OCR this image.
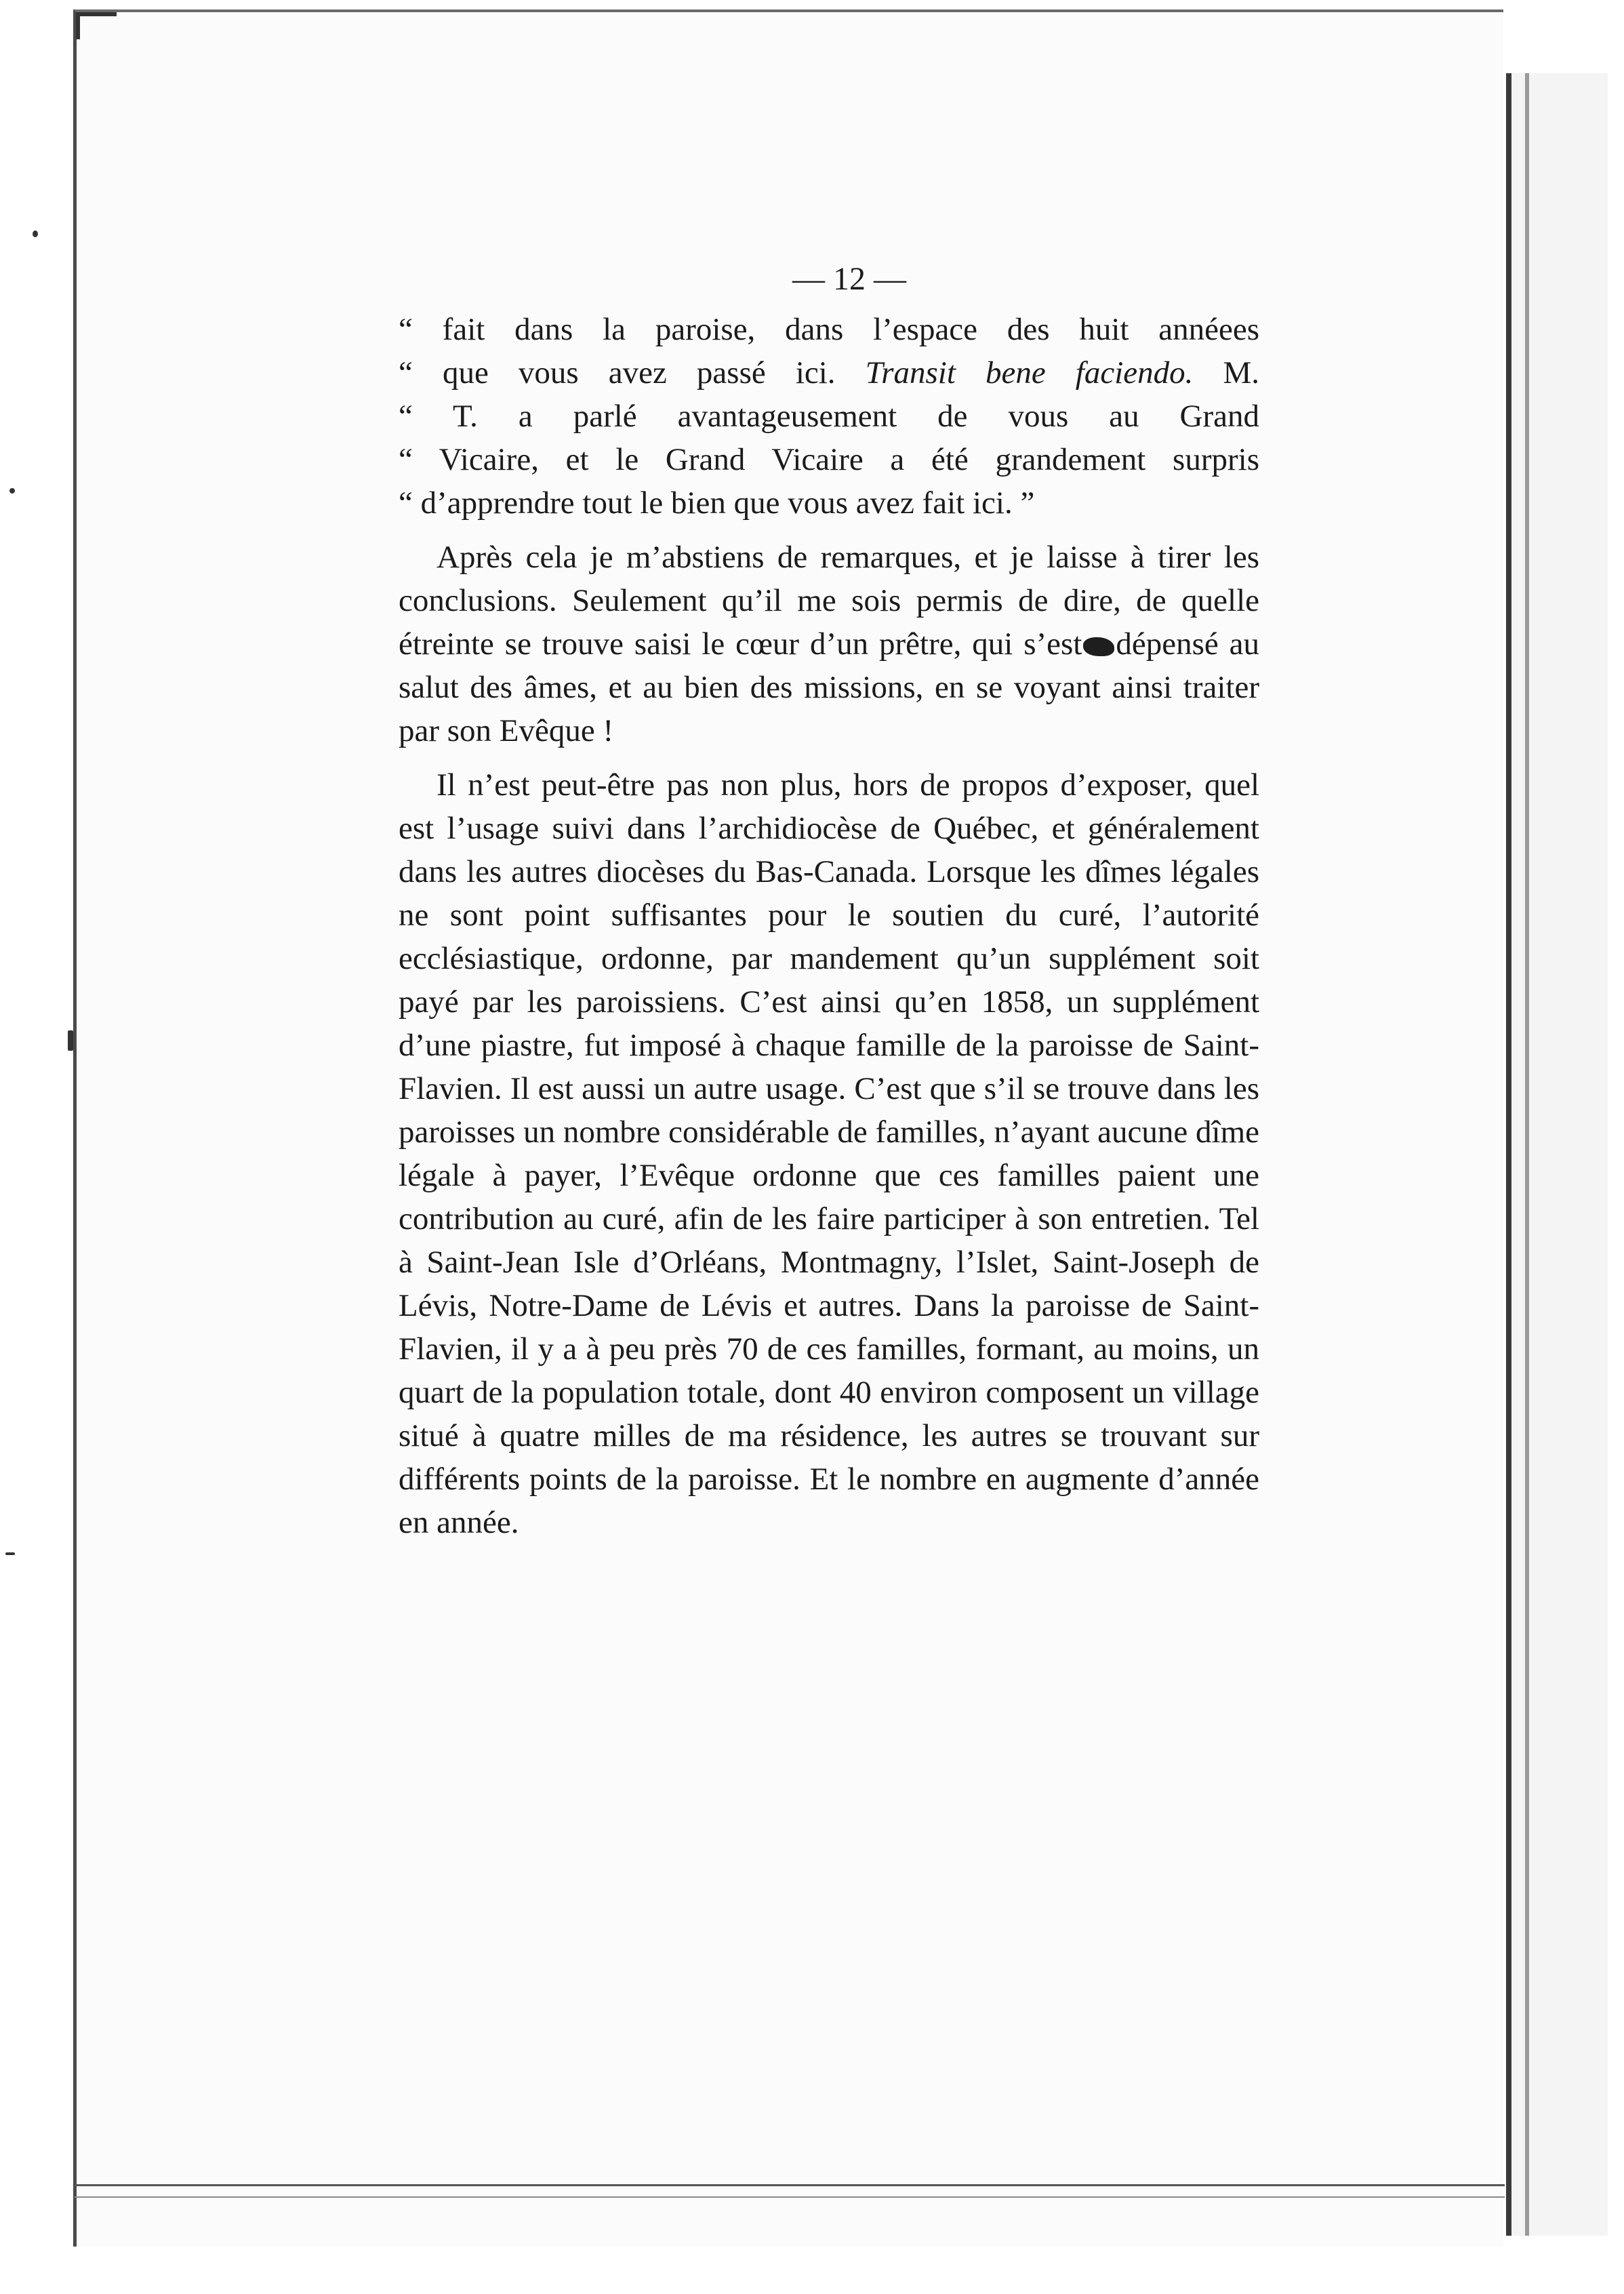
— 12 —

“ fait dans la paroise, dans l’espace des huit annéees

“ que vous avez passé ici. Transit bene faciendo. M.

“ T. a parlé avantageusement de vous au Grand

“ Vicaire, et le Grand Vicaire a été grandement surpris

“ d’apprendre tout le bien que vous avez fait ici. ”

Après cela je m’abstiens de remarques, et je laisse à tirer les conclusions. Seulement qu’il me sois permis de dire, de quelle étreinte se trouve saisi le cœur d’un prêtre, qui s’est dépensé au salut des âmes, et au bien des missions, en se voyant ainsi traiter par son Evêque !

Il n’est peut-être pas non plus, hors de propos d’exposer, quel est l’usage suivi dans l’archidiocèse de Québec, et généralement dans les autres diocèses du Bas-Canada. Lorsque les dîmes légales ne sont point suffisantes pour le soutien du curé, l’autorité ecclésiastique, ordonne, par mandement qu’un supplément soit payé par les paroissiens. C’est ainsi qu’en 1858, un supplément d’une piastre, fut imposé à chaque famille de la paroisse de Saint-Flavien. Il est aussi un autre usage. C’est que s’il se trouve dans les paroisses un nombre considérable de familles, n’ayant aucune dîme légale à payer, l’Evêque ordonne que ces familles paient une contribution au curé, afin de les faire participer à son entretien. Tel à Saint-Jean Isle d’Orléans, Montmagny, l’Islet, Saint-Joseph de Lévis, Notre-Dame de Lévis et autres. Dans la paroisse de Saint-Flavien, il y a à peu près 70 de ces familles, formant, au moins, un quart de la population totale, dont 40 environ composent un village situé à quatre milles de ma résidence, les autres se trouvant sur différents points de la paroisse. Et le nombre en augmente d’année en année.
